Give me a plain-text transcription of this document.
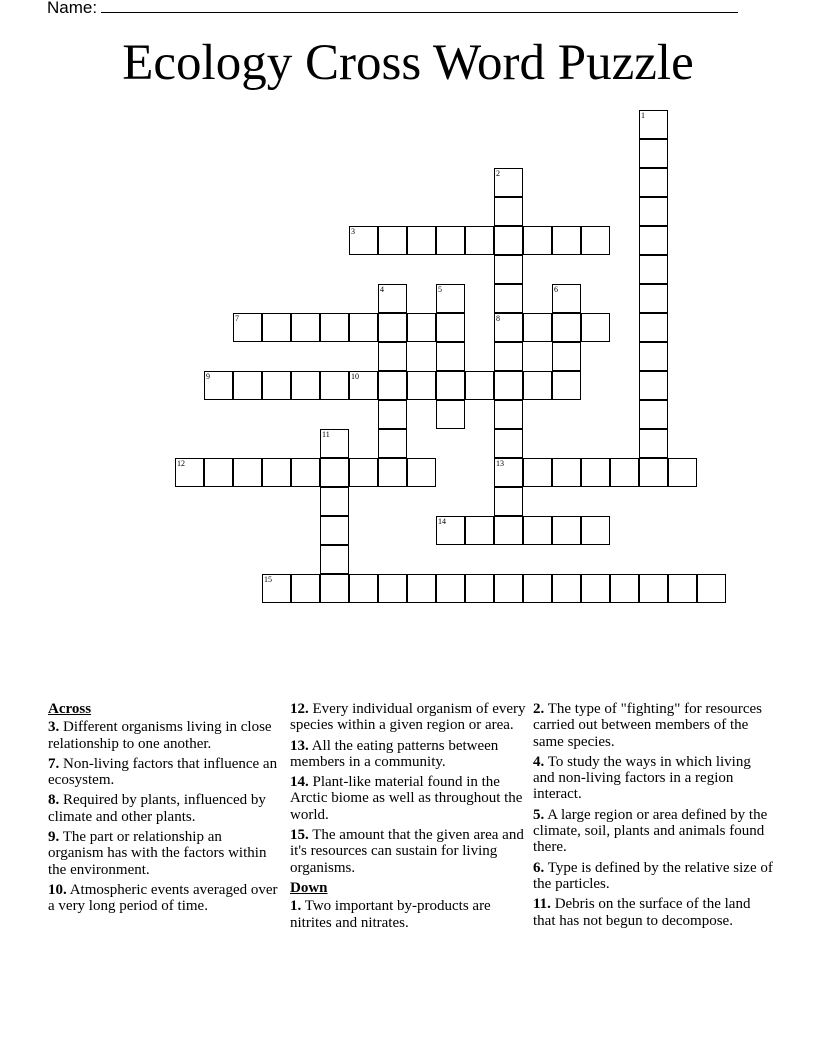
Name:
Ecology Cross Word Puzzle
1
2
8
13
3
4	5	6
7
9	10
11
12
14
15
Across
3. Different organisms living in close relationship to one another.
7. Non-living factors that influence an ecosystem.
8. Required by plants, influenced by climate and other plants.
9. The part or relationship an organism has with the factors within the environment.
10. Atmospheric events averaged over a very long period of time.
12. Every individual organism of every species within a given region or area.
13. All the eating patterns between members in a community.
14. Plant-like material found in the Arctic biome as well as throughout the world.
15. The amount that the given area and it's resources can sustain for living organisms.
Down
1. Two important by-products are nitrites and nitrates.
2. The type of "fighting" for resources carried out between members of the same species.
4. To study the ways in which living and non-living factors in a region interact.
5. A large region or area defined by the climate, soil, plants and animals found there.
6. Type is defined by the relative size of the particles.
11. Debris on the surface of the land that has not begun to decompose.
